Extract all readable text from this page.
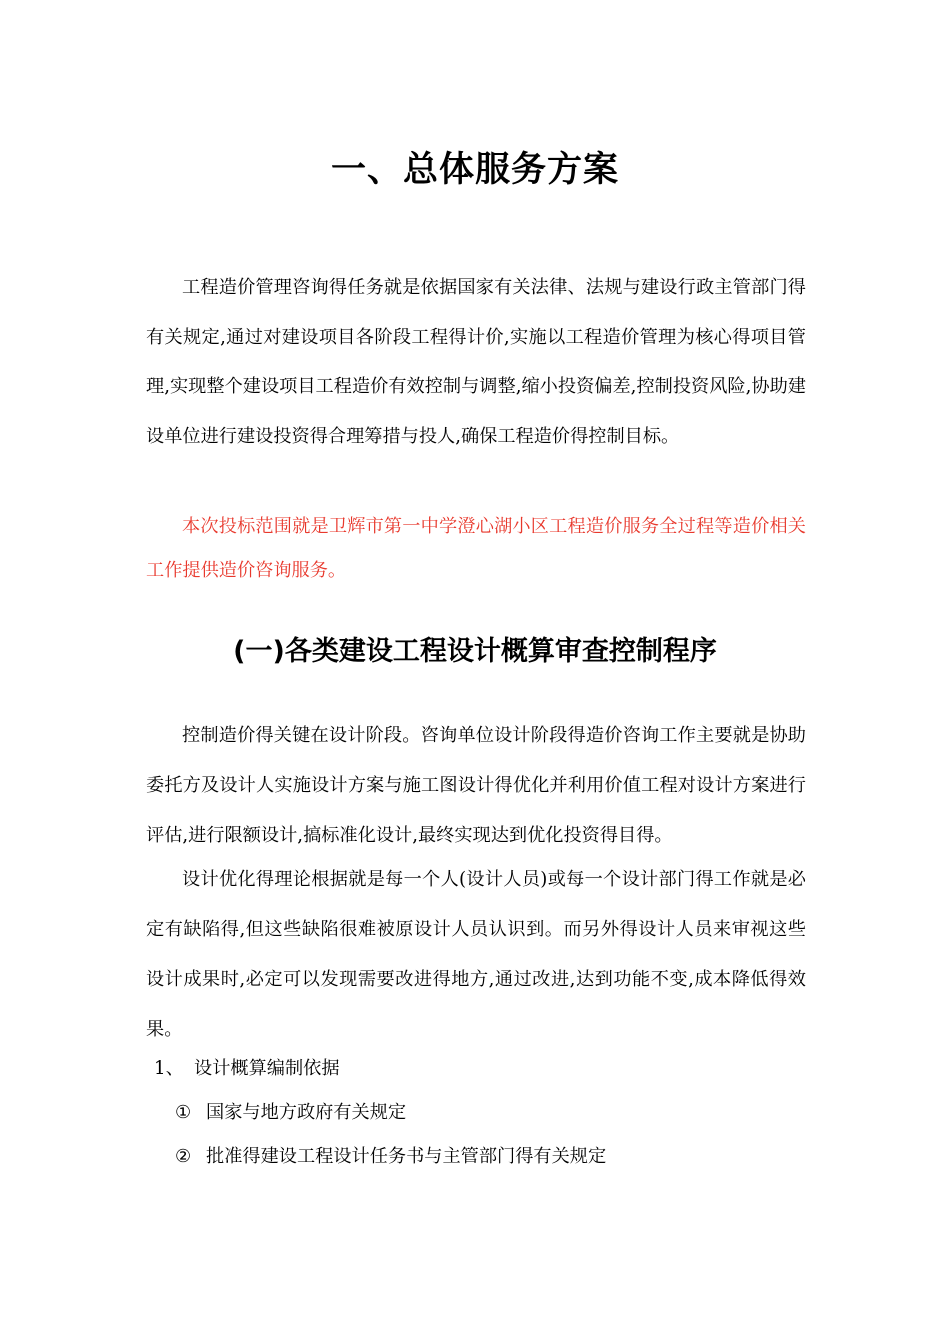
一、总体服务方案

工程造价管理咨询得任务就是依据国家有关法律、法规与建设行政主管部门得有关规定,通过对建设项目各阶段工程得计价,实施以工程造价管理为核心得项目管理,实现整个建设项目工程造价有效控制与调整,缩小投资偏差,控制投资风险,协助建设单位进行建设投资得合理筹措与投人,确保工程造价得控制目标。

本次投标范围就是卫辉市第一中学澄心湖小区工程造价服务全过程等造价相关工作提供造价咨询服务。

(一)各类建设工程设计概算审查控制程序

控制造价得关键在设计阶段。咨询单位设计阶段得造价咨询工作主要就是协助委托方及设计人实施设计方案与施工图设计得优化并利用价值工程对设计方案进行评估,进行限额设计,搞标准化设计,最终实现达到优化投资得目得。

设计优化得理论根据就是每一个人(设计人员)或每一个设计部门得工作就是必定有缺陷得,但这些缺陷很难被原设计人员认识到。而另外得设计人员来审视这些设计成果时,必定可以发现需要改进得地方,通过改进,达到功能不变,成本降低得效果。

1、 设计概算编制依据
① 国家与地方政府有关规定
② 批准得建设工程设计任务书与主管部门得有关规定
